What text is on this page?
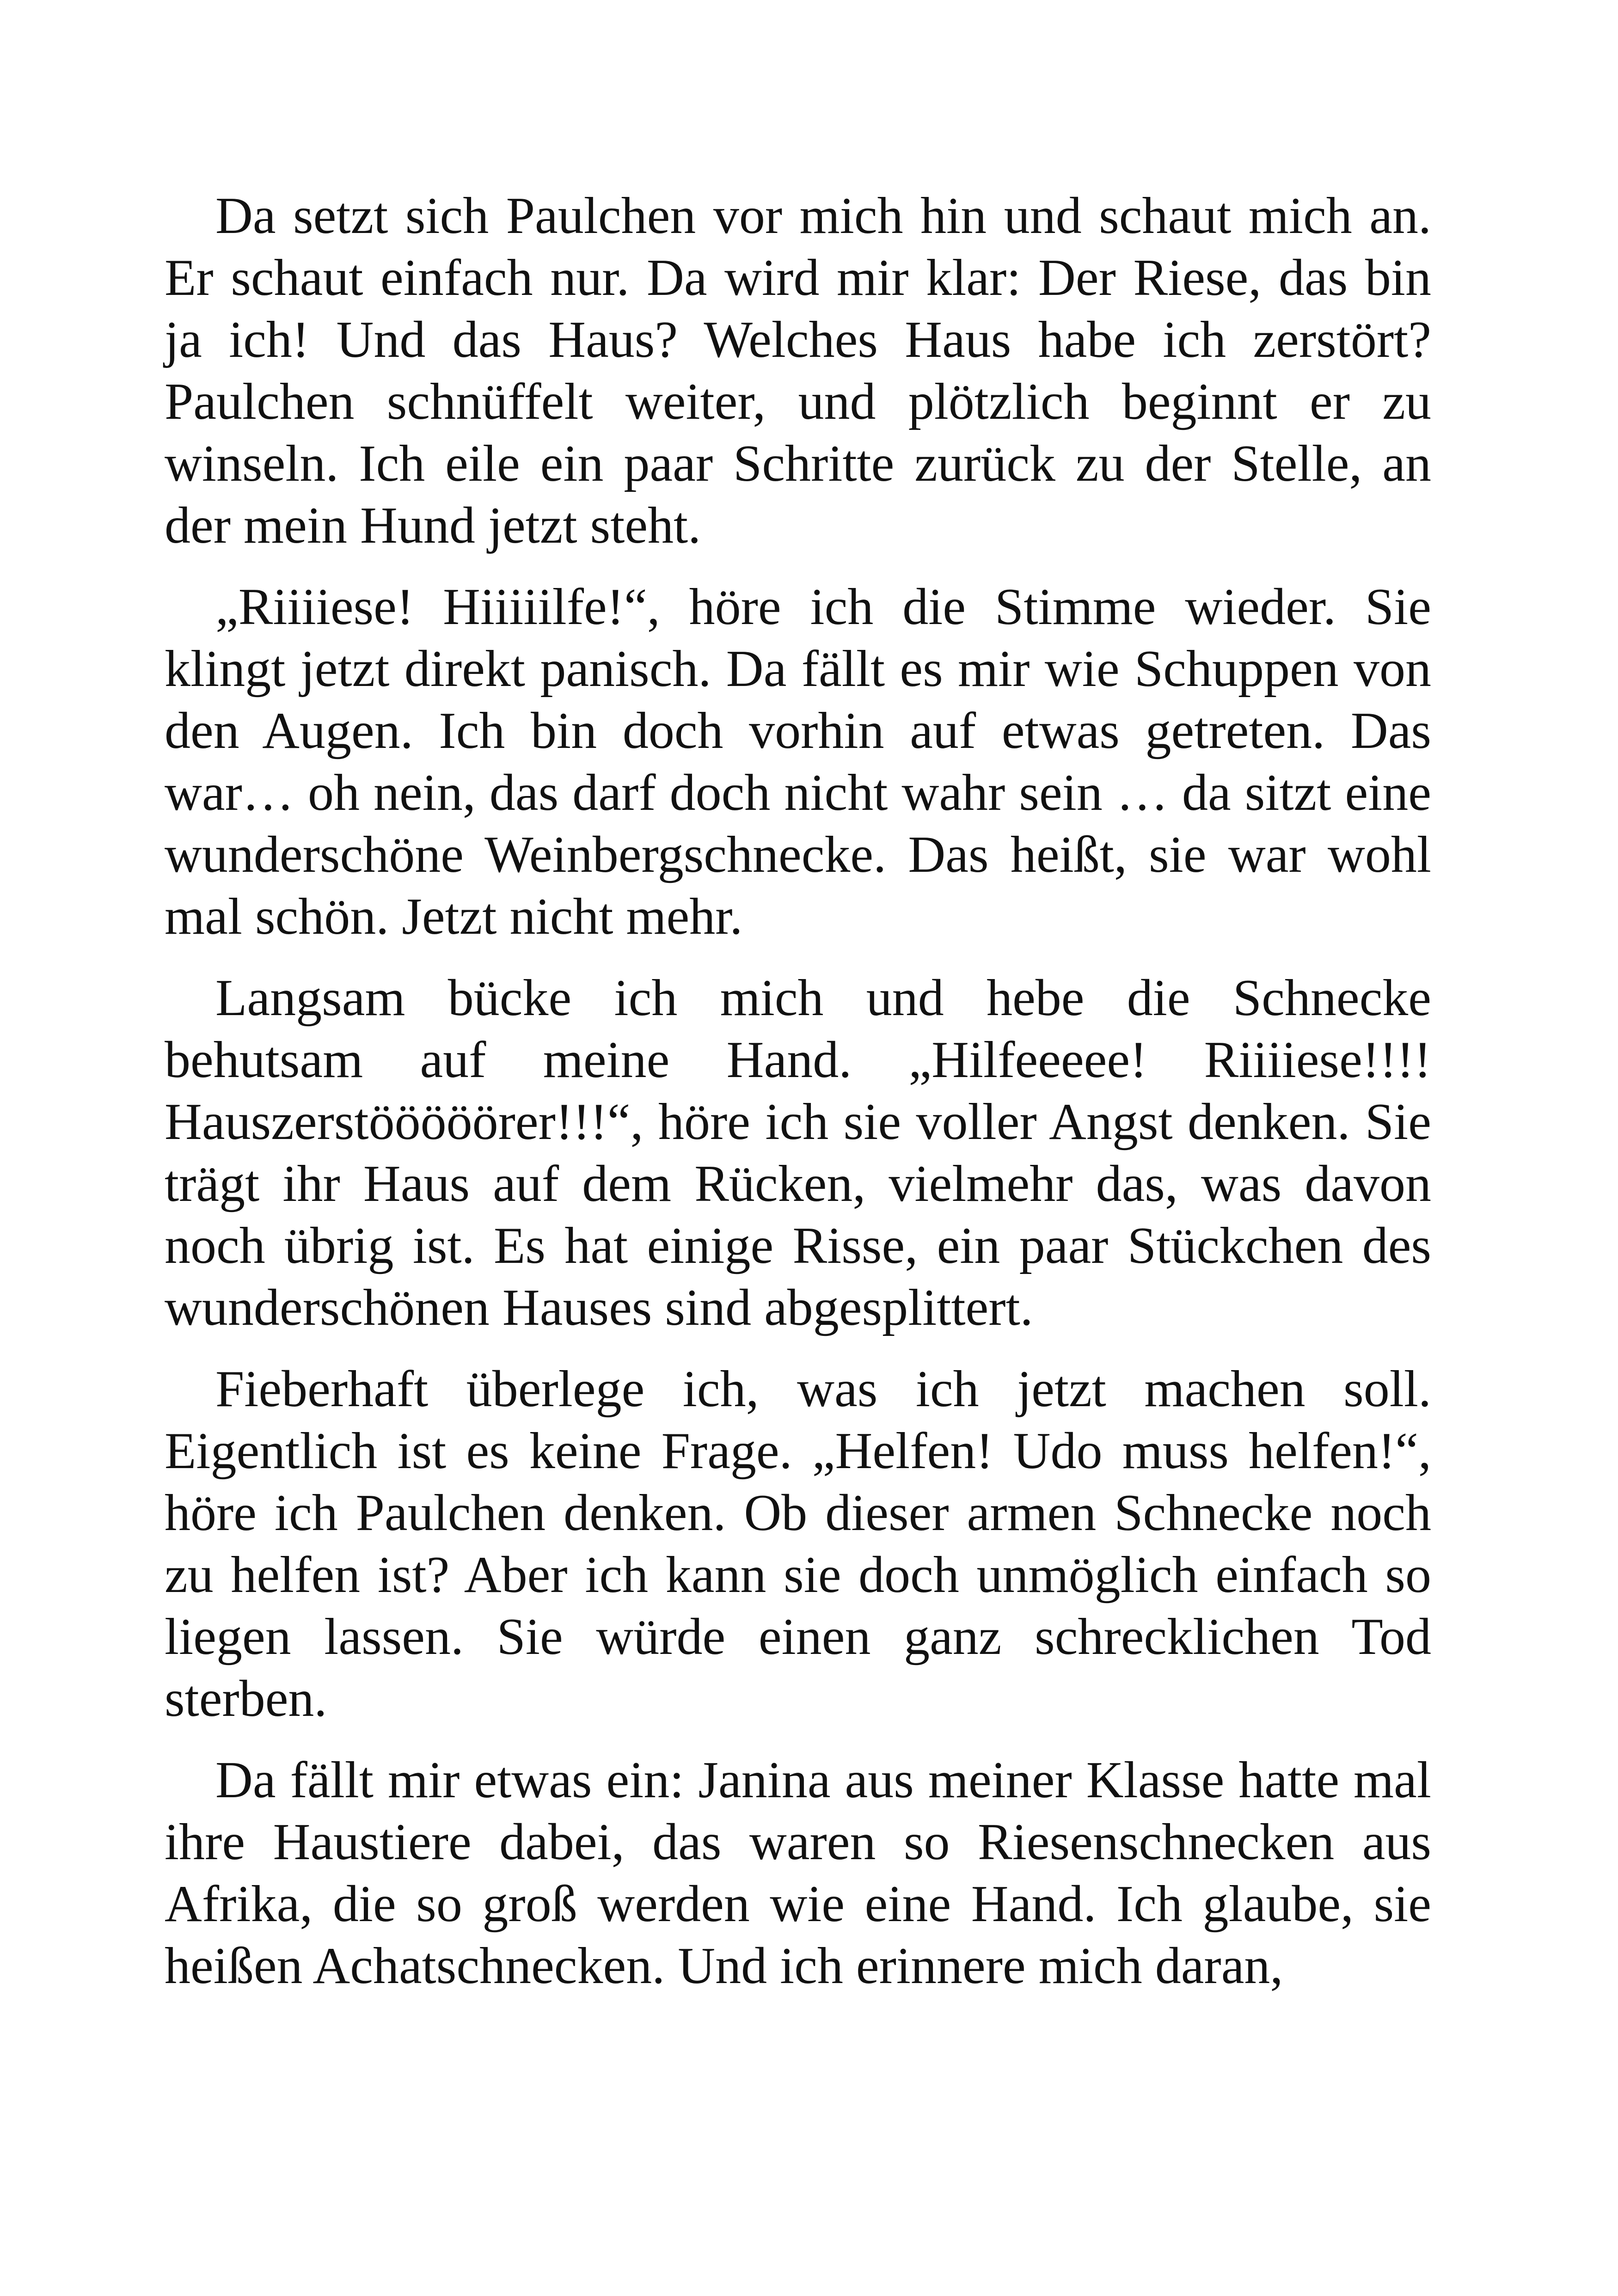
Da setzt sich Paulchen vor mich hin und schaut mich an. Er schaut einfach nur. Da wird mir klar: Der Riese, das bin ja ich! Und das Haus? Welches Haus habe ich zerstört? Paulchen schnüffelt weiter, und plötzlich beginnt er zu winseln. Ich eile ein paar Schritte zurück zu der Stelle, an der mein Hund jetzt steht.

„Riiiiese! Hiiiiilfe!“, höre ich die Stimme wieder. Sie klingt jetzt direkt panisch. Da fällt es mir wie Schuppen von den Augen. Ich bin doch vorhin auf etwas getreten. Das war… oh nein, das darf doch nicht wahr sein … da sitzt eine wunderschöne Weinbergschnecke. Das heißt, sie war wohl mal schön. Jetzt nicht mehr.

Langsam bücke ich mich und hebe die Schnecke behutsam auf meine Hand. „Hilfeeeee! Riiiiese!!!! Hauszerstööööörer!!!“, höre ich sie voller Angst denken. Sie trägt ihr Haus auf dem Rücken, vielmehr das, was davon noch übrig ist. Es hat einige Risse, ein paar Stückchen des wunderschönen Hauses sind abgesplittert.

Fieberhaft überlege ich, was ich jetzt machen soll. Eigentlich ist es keine Frage. „Helfen! Udo muss helfen!“, höre ich Paulchen denken. Ob dieser armen Schnecke noch zu helfen ist? Aber ich kann sie doch unmöglich einfach so liegen lassen. Sie würde einen ganz schrecklichen Tod sterben.

Da fällt mir etwas ein: Janina aus meiner Klasse hatte mal ihre Haustiere dabei, das waren so Riesenschnecken aus Afrika, die so groß werden wie eine Hand. Ich glaube, sie heißen Achatschnecken. Und ich erinnere mich daran,
